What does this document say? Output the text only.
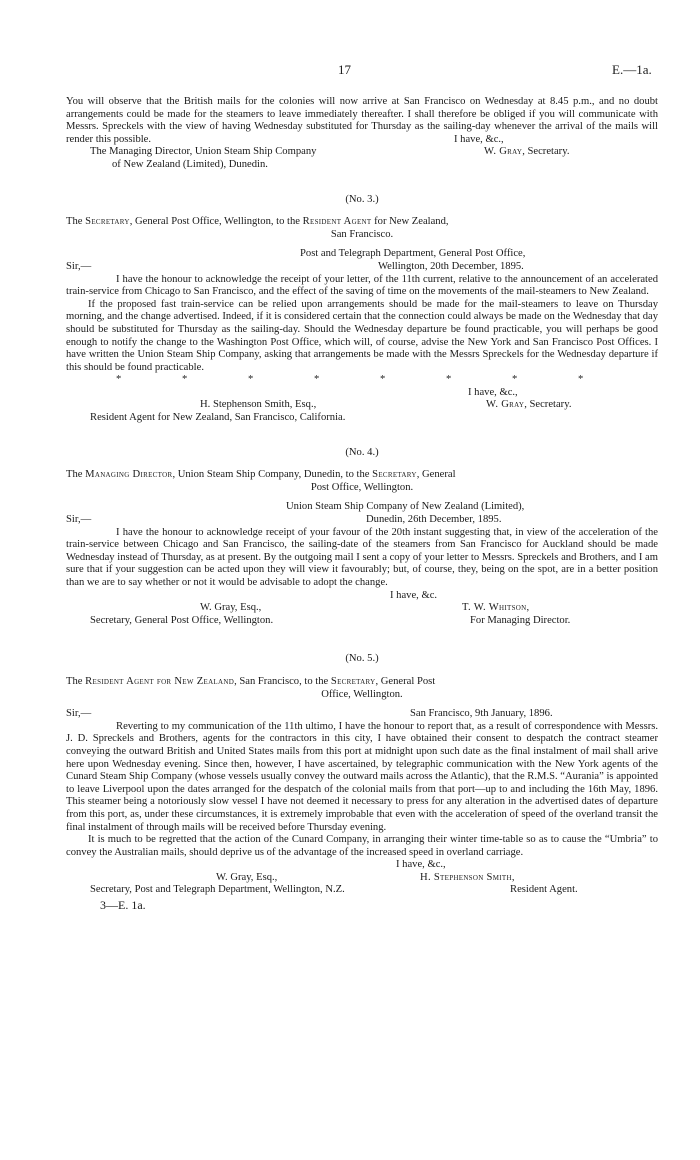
17	E.—1a.

You will observe that the British mails for the colonies will now arrive at San Francisco on Wednesday at 8.45 p.m., and no doubt arrangements could be made for the steamers to leave immediately thereafter. I shall therefore be obliged if you will communicate with Messrs. Spreckels with the view of having Wednesday substituted for Thursday as the sailing-day whenever the arrival of the mails will render this possible.	I have, &c.,
The Managing Director, Union Steam Ship Company	W. Gray, Secretary.
of New Zealand (Limited), Dunedin.
(No. 3.)

The Secretary, General Post Office, Wellington, to the Resident Agent for New Zealand,

San Francisco.

Post and Telegraph Department, General Post Office,
Sir,—	Wellington, 20th December, 1895.

I have the honour to acknowledge the receipt of your letter, of the 11th current, relative to the announcement of an accelerated train-service from Chicago to San Francisco, and the effect of the saving of time on the movements of the mail-steamers to New Zealand.

If the proposed fast train-service can be relied upon arrangements should be made for the mail-steamers to leave on Thursday morning, and the change advertised. Indeed, if it is considered certain that the connection could always be made on the Wednesday that day should be substituted for Thursday as the sailing-day. Should the Wednesday departure be found practicable, you will perhaps be good enough to notify the change to the Washington Post Office, which will, of course, advise the New York and San Francisco Post Offices. I have written the Union Steam Ship Company, asking that arrangements be made with the Messrs Spreckels for the Wednesday departure if this should be found practicable.

*	*	*	*	*	*	*	*
I have, &c.,
H. Stephenson Smith, Esq.,	W. Gray, Secretary.
Resident Agent for New Zealand, San Francisco, California.
(No. 4.)

The Managing Director, Union Steam Ship Company, Dunedin, to the Secretary, General

Post Office, Wellington.

Union Steam Ship Company of New Zealand (Limited),
Sir,—	Dunedin, 26th December, 1895.

I have the honour to acknowledge receipt of your favour of the 20th instant suggesting that, in view of the acceleration of the train-service between Chicago and San Francisco, the sailing-date of the steamers from San Francisco for Auckland should be made Wednesday instead of Thursday, as at present. By the outgoing mail I sent a copy of your letter to Messrs. Spreckels and Brothers, and I am sure that if your suggestion can be acted upon they will view it favourably; but, of course, they, being on the spot, are in a better position than we are to say whether or not it would be advisable to adopt the change.

I have, &c.
W. Gray, Esq.,	T. W. Whitson,
Secretary, General Post Office, Wellington.	For Managing Director.
(No. 5.)

The Resident Agent for New Zealand, San Francisco, to the Secretary, General Post

Office, Wellington.

Sir,—	San Francisco, 9th January, 1896.

Reverting to my communication of the 11th ultimo, I have the honour to report that, as a result of correspondence with Messrs. J. D. Spreckels and Brothers, agents for the contractors in this city, I have obtained their consent to despatch the contract steamer conveying the outward British and United States mails from this port at midnight upon such date as the final instalment of mail shall arive here upon Wednesday evening. Since then, however, I have ascertained, by telegraphic communication with the New York agents of the Cunard Steam Ship Company (whose vessels usually convey the outward mails across the Atlantic), that the R.M.S. “Aurania” is appointed to leave Liverpool upon the dates arranged for the despatch of the colonial mails from that port—up to and including the 16th May, 1896. This steamer being a notoriously slow vessel I have not deemed it necessary to press for any alteration in the advertised dates of departure from this port, as, under these circumstances, it is extremely improbable that even with the acceleration of speed of the overland transit the final instalment of through mails will be received before Thursday evening.

It is much to be regretted that the action of the Cunard Company, in arranging their winter time-table so as to cause the “Umbria” to convey the Australian mails, should deprive us of the advantage of the increased speed in overland carriage.

I have, &c.,
W. Gray, Esq.,	H. Stephenson Smith,
Secretary, Post and Telegraph Department, Wellington, N.Z.	Resident Agent.
3—E. 1a.
